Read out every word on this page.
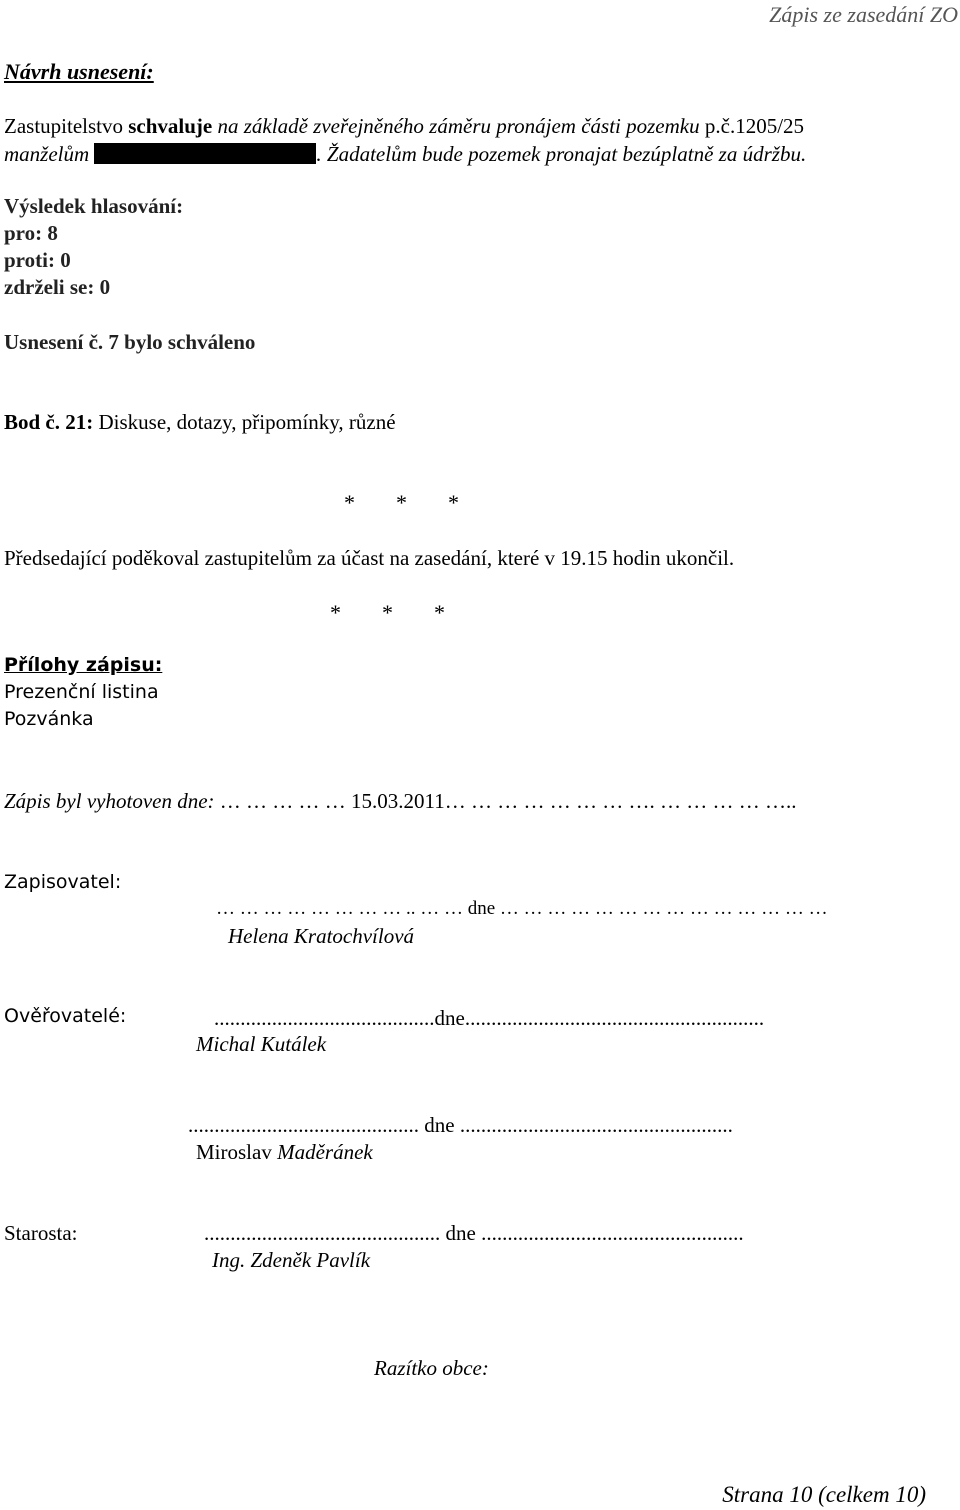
Zápis ze zasedání ZO
Návrh usnesení:
Zastupitelstvo schvaluje na základě zveřejněného záměru pronájem části pozemku p.č.1205/25
manželům	. Žadatelům bude pozemek pronajat bezúplatně za údržbu.
Výsledek hlasování:
pro: 8
proti: 0
zdrželi se: 0
Usnesení č. 7 bylo schváleno
Bod č. 21: Diskuse, dotazy, připomínky, různé
* * *
Předsedající poděkoval zastupitelům za účast na zasedání, které v 19.15 hodin ukončil.
* * *
Přílohy zápisu:
Prezenční listina
Pozvánka
Zápis byl vyhotoven dne: … … … … … 15.03.2011… … … … … … … …. … … … … …..
Zapisovatel:
… … … … … … … … .. … … dne … … … … … … … … … … … … … …
Helena Kratochvílová
Ověřovatelé:	..........................................dne.........................................................
Michal Kutálek
............................................ dne ....................................................
Miroslav Maděránek
Starosta:	............................................. dne ..................................................
Ing. Zdeněk Pavlík
Razítko obce:
Strana 10 (celkem 10)
